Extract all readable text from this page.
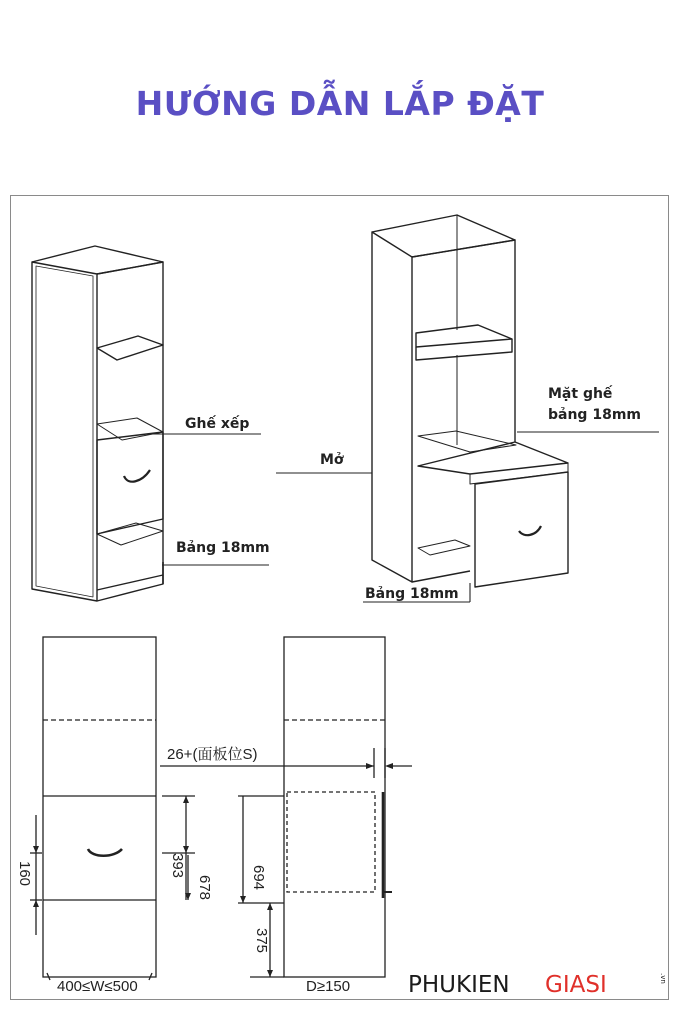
HƯỚNG DẪN LẮP ĐẶT
Ghế xếp
Bảng 18mm
Mở
Mặt ghế
bảng 18mm
Bảng 18mm
26+(面板位S)
393
160
678 694
375
400≤W≤500	D≥150	PHUKIEN GIASI	.vn
